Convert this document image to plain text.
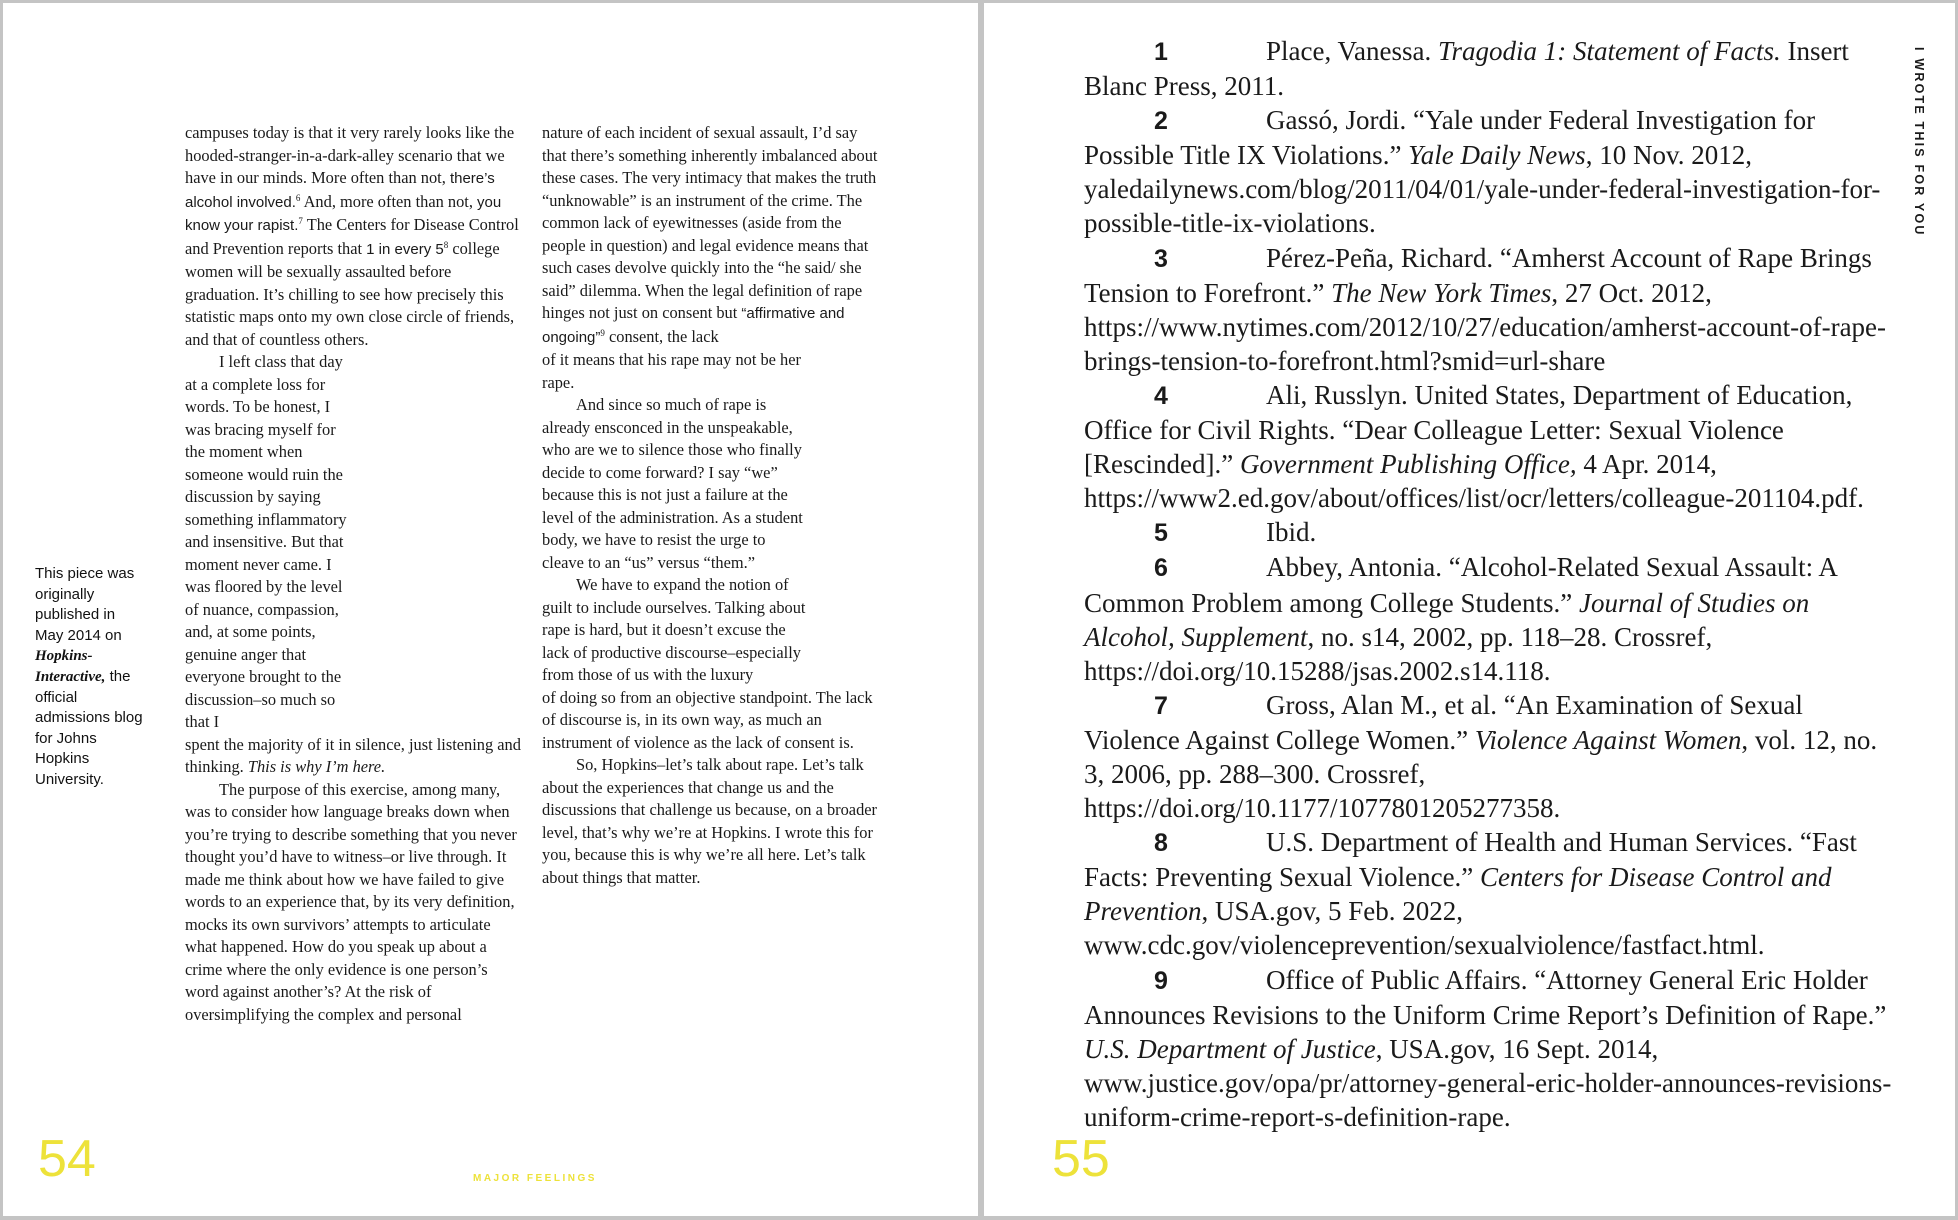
This piece was originally published in May 2014 on Hopkins-Interactive, the official admissions blog for Johns Hopkins University.

campuses today is that it very rarely looks like the hooded-stranger-in-a-dark-alley scenario that we have in our minds. More often than not, there’s alcohol involved.$^6$ And, more often than not, you know your rapist.$^7$ The Centers for Disease Control and Prevention reports that 1 in every $5^8$ college women will be sexually assaulted before graduation. It’s chilling to see how precisely this statistic maps onto my own close circle of friends, and that of countless others.

I left class that day at a complete loss for words. To be honest, I was bracing myself for the moment when someone would ruin the discussion by saying something inflammatory and insensitive. But that moment never came. I was floored by the level of nuance, compassion, and, at some points, genuine anger that everyone brought to the discussion–so much so that I

spent the majority of it in silence, just listening and thinking. This is why I’m here.

The purpose of this exercise, among many, was to consider how language breaks down when you’re trying to describe something that you never thought you’d have to witness–or live through. It made me think about how we have failed to give words to an experience that, by its very definition, mocks its own survivors’ attempts to articulate what happened. How do you speak up about a crime where the only evidence is one person’s word against another’s? At the risk of oversimplifying the complex and personal

nature of each incident of sexual assault, I’d say that there’s something inherently imbalanced about these cases. The very intimacy that makes the truth “unknowable” is an instrument of the crime. The common lack of eyewitnesses (aside from the people in question) and legal evidence means that such cases devolve quickly into the “he said/ she said” dilemma. When the legal definition of rape hinges not just on consent but “affirmative and ongoing”$^9$ consent, the lack

of it means that his rape may not be her rape.

And since so much of rape is already ensconced in the unspeakable, who are we to silence those who finally decide to come forward? I say “we” because this is not just a failure at the level of the administration. As a student body, we have to resist the urge to cleave to an “us” versus “them.”

We have to expand the notion of guilt to include ourselves. Talking about rape is hard, but it doesn’t excuse the lack of productive discourse–especially from those of us with the luxury

of doing so from an objective standpoint. The lack of discourse is, in its own way, as much an instrument of violence as the lack of consent is.

So, Hopkins–let’s talk about rape. Let’s talk about the experiences that change us and the discussions that challenge us because, on a broader level, that’s why we’re at Hopkins. I wrote this for you, because this is why we’re all here. Let’s talk about things that matter.

54	MAJOR FEELINGS
I WROTE THIS FOR YOU
1	Place, Vanessa. Tragodia 1: Statement of Facts. Insert Blanc Press, 2011.
2	Gassó, Jordi. “Yale under Federal Investigation for Possible Title IX Violations.” Yale Daily News, 10 Nov. 2012, yaledailynews.com/blog/2011/04/01/yale-under-federal-investigation-for-possible-title-ix-violations.
3	Pérez-Peña, Richard. “Amherst Account of Rape Brings Tension to Forefront.” The New York Times, 27 Oct. 2012, https://www.nytimes.com/2012/10/27/education/amherst-account-of-rape-brings-tension-to-forefront.html?smid=url-share
4	Ali, Russlyn. United States, Department of Education, Office for Civil Rights. “Dear Colleague Letter: Sexual Violence [Rescinded].” Government Publishing Office, 4 Apr. 2014, https://www2.ed.gov/about/offices/list/ocr/letters/colleague-201104.pdf.
5	Ibid.
6	Abbey, Antonia. “Alcohol-Related Sexual Assault: A Common Problem among College Students.” Journal of Studies on Alcohol, Supplement, no. s14, 2002, pp. 118–28. Crossref, https://doi.org/10.15288/jsas.2002.s14.118.
7	Gross, Alan M., et al. “An Examination of Sexual Violence Against College Women.” Violence Against Women, vol. 12, no. 3, 2006, pp. 288–300. Crossref, https://doi.org/10.1177/1077801205277358.
8	U.S. Department of Health and Human Services. “Fast Facts: Preventing Sexual Violence.” Centers for Disease Control and Prevention, USA.gov, 5 Feb. 2022, www.cdc.gov/violenceprevention/sexualviolence/fastfact.html.
9	Office of Public Affairs. “Attorney General Eric Holder Announces Revisions to the Uniform Crime Report’s Definition of Rape.” U.S. Department of Justice, USA.gov, 16 Sept. 2014, www.justice.gov/opa/pr/attorney-general-eric-holder-announces-revisions-uniform-crime-report-s-definition-rape.
55
